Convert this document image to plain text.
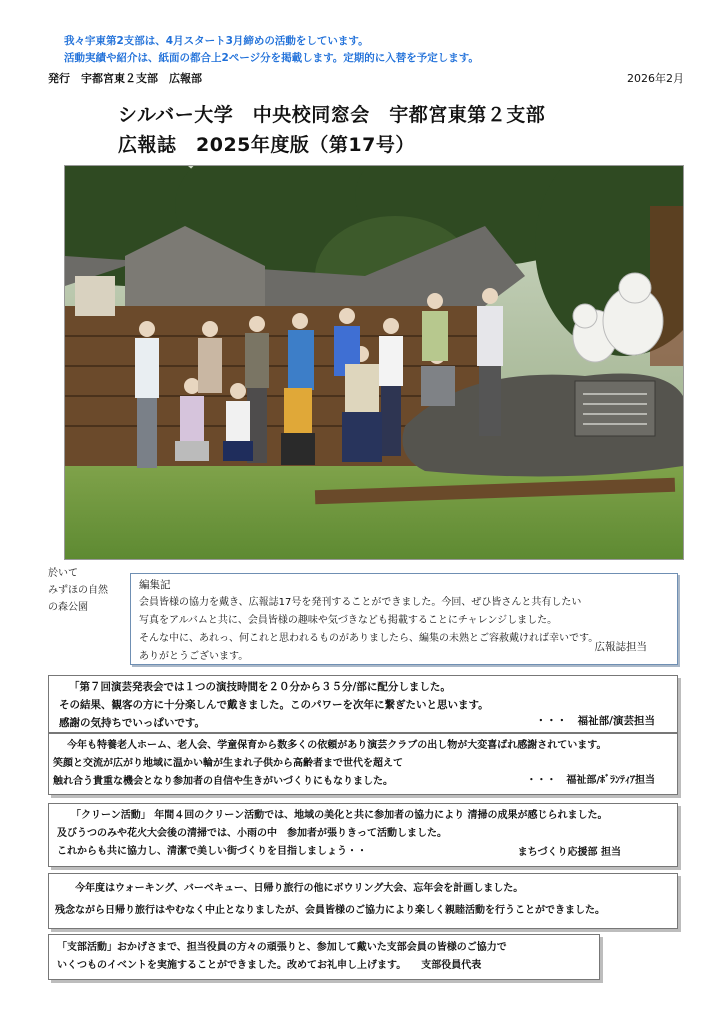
我々宇東第2支部は、4月スタート3月締めの活動をしています。
活動実績や紹介は、紙面の都合上2ページ分を掲載します。定期的に入替を予定します。
発行　宇都宮東２支部　広報部	2026年2月
シルバー大学　中央校同窓会　宇都宮東第２支部
広報誌　2025年度版（第17号）
於いて
みずほの自然
の森公園
編集記
会員皆様の協力を戴き、広報誌17号を発刊することができました。今回、ぜひ皆さんと共有したい
写真をアルバムと共に、会員皆様の趣味や気づきなども掲載することにチャレンジしました。
そんな中に、あれっ、何これと思われるものがありましたら、編集の未熟とご容赦戴ければ幸いです。
ありがとうございます。
広報誌担当

「第７回演芸発表会では１つの演技時間を２０分から３５分/部に配分しました。

その結果、観客の方に十分楽しんで戴きました。このパワーを次年に繋ぎたいと思います。

感謝の気持ちでいっぱいです。	・・・　福祉部/演芸担当

今年も特養老人ホーム、老人会、学童保育から数多くの依頼があり演芸クラブの出し物が大変喜ばれ感謝されています。

笑顔と交流が広がり地域に温かい輪が生まれ子供から高齢者まで世代を超えて

触れ合う貴重な機会となり参加者の自信や生きがいづくりにもなりました。	・・・　福祉部/ﾎﾞﾗﾝﾃｨｱ担当

「クリーン活動」 年間４回のクリーン活動では、地域の美化と共に参加者の協力により 清掃の成果が感じられました。

及びうつのみや花火大会後の清掃では、小雨の中　参加者が張りきって活動しました。

これからも共に協力し、清潔で美しい街づくりを目指しましょう・・	まちづくり応援部 担当

今年度はウォーキング、バーベキュー、日帰り旅行の他にボウリング大会、忘年会を計画しました。

残念ながら日帰り旅行はやむなく中止となりましたが、会員皆様のご協力により楽しく親睦活動を行うことができました。

「支部活動」おかげさまで、担当役員の方々の頑張りと、参加して戴いた支部会員の皆様のご協力で

いくつものイベントを実施することができました。改めてお礼申し上げます。　　支部役員代表
